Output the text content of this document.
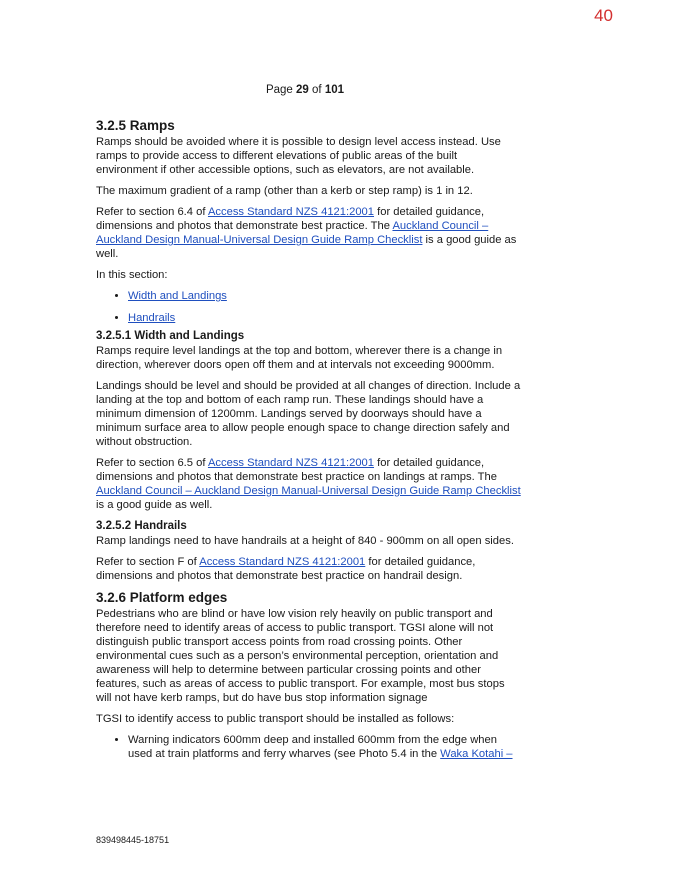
40
Page 29 of 101
3.2.5 Ramps

Ramps should be avoided where it is possible to design level access instead. Use ramps to provide access to different elevations of public areas of the built environment if other accessible options, such as elevators, are not available.

The maximum gradient of a ramp (other than a kerb or step ramp) is 1 in 12.

Refer to section 6.4 of Access Standard NZS 4121:2001 for detailed guidance, dimensions and photos that demonstrate best practice. The Auckland Council – Auckland Design Manual-Universal Design Guide Ramp Checklist is a good guide as well.

In this section:

• Width and Landings
• Handrails
3.2.5.1 Width and Landings

Ramps require level landings at the top and bottom, wherever there is a change in direction, wherever doors open off them and at intervals not exceeding 9000mm.

Landings should be level and should be provided at all changes of direction. Include a landing at the top and bottom of each ramp run. These landings should have a minimum dimension of 1200mm. Landings served by doorways should have a minimum surface area to allow people enough space to change direction safely and without obstruction.

Refer to section 6.5 of Access Standard NZS 4121:2001 for detailed guidance, dimensions and photos that demonstrate best practice on landings at ramps. The Auckland Council – Auckland Design Manual-Universal Design Guide Ramp Checklist is a good guide as well.

3.2.5.2 Handrails

Ramp landings need to have handrails at a height of 840 - 900mm on all open sides.

Refer to section F of Access Standard NZS 4121:2001 for detailed guidance, dimensions and photos that demonstrate best practice on handrail design.

3.2.6 Platform edges

Pedestrians who are blind or have low vision rely heavily on public transport and therefore need to identify areas of access to public transport. TGSI alone will not distinguish public transport access points from road crossing points. Other environmental cues such as a person’s environmental perception, orientation and awareness will help to determine between particular crossing points and other features, such as areas of access to public transport. For example, most bus stops will not have kerb ramps, but do have bus stop information signage

TGSI to identify access to public transport should be installed as follows:

• Warning indicators 600mm deep and installed 600mm from the edge when used at train platforms and ferry wharves (see Photo 5.4 in the Waka Kotahi –
839498445-18751
